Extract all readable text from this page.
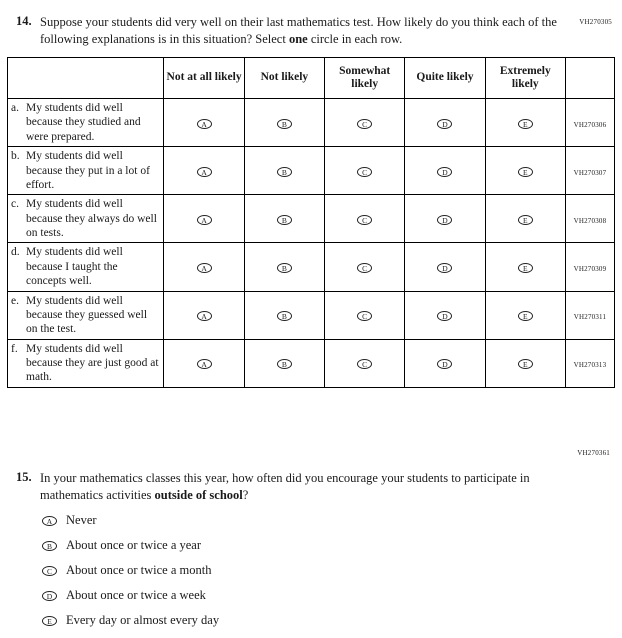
VH270305
14. Suppose your students did very well on their last mathematics test. How likely do you think each of the following explanations is in this situation? Select one circle in each row.
	Not at all likely	Not likely	Somewhat likely	Quite likely	Extremely likely	

a. My students did well because they studied and were prepared.	A	B	C	D	E	VH270306

b. My students did well because they put in a lot of effort.	A	B	C	D	E	VH270307

c. My students did well because they always do well on tests.	A	B	C	D	E	VH270308

d. My students did well because I taught the concepts well.	A	B	C	D	E	VH270309

e. My students did well because they guessed well on the test.	A	B	C	D	E	VH270311

f. My students did well because they are just good at math.	A	B	C	D	E	VH270313
VH270361
15. In your mathematics classes this year, how often did you encourage your students to participate in mathematics activities outside of school?
A	Never
B	About once or twice a year
C	About once or twice a month
D	About once or twice a week
E	Every day or almost every day
